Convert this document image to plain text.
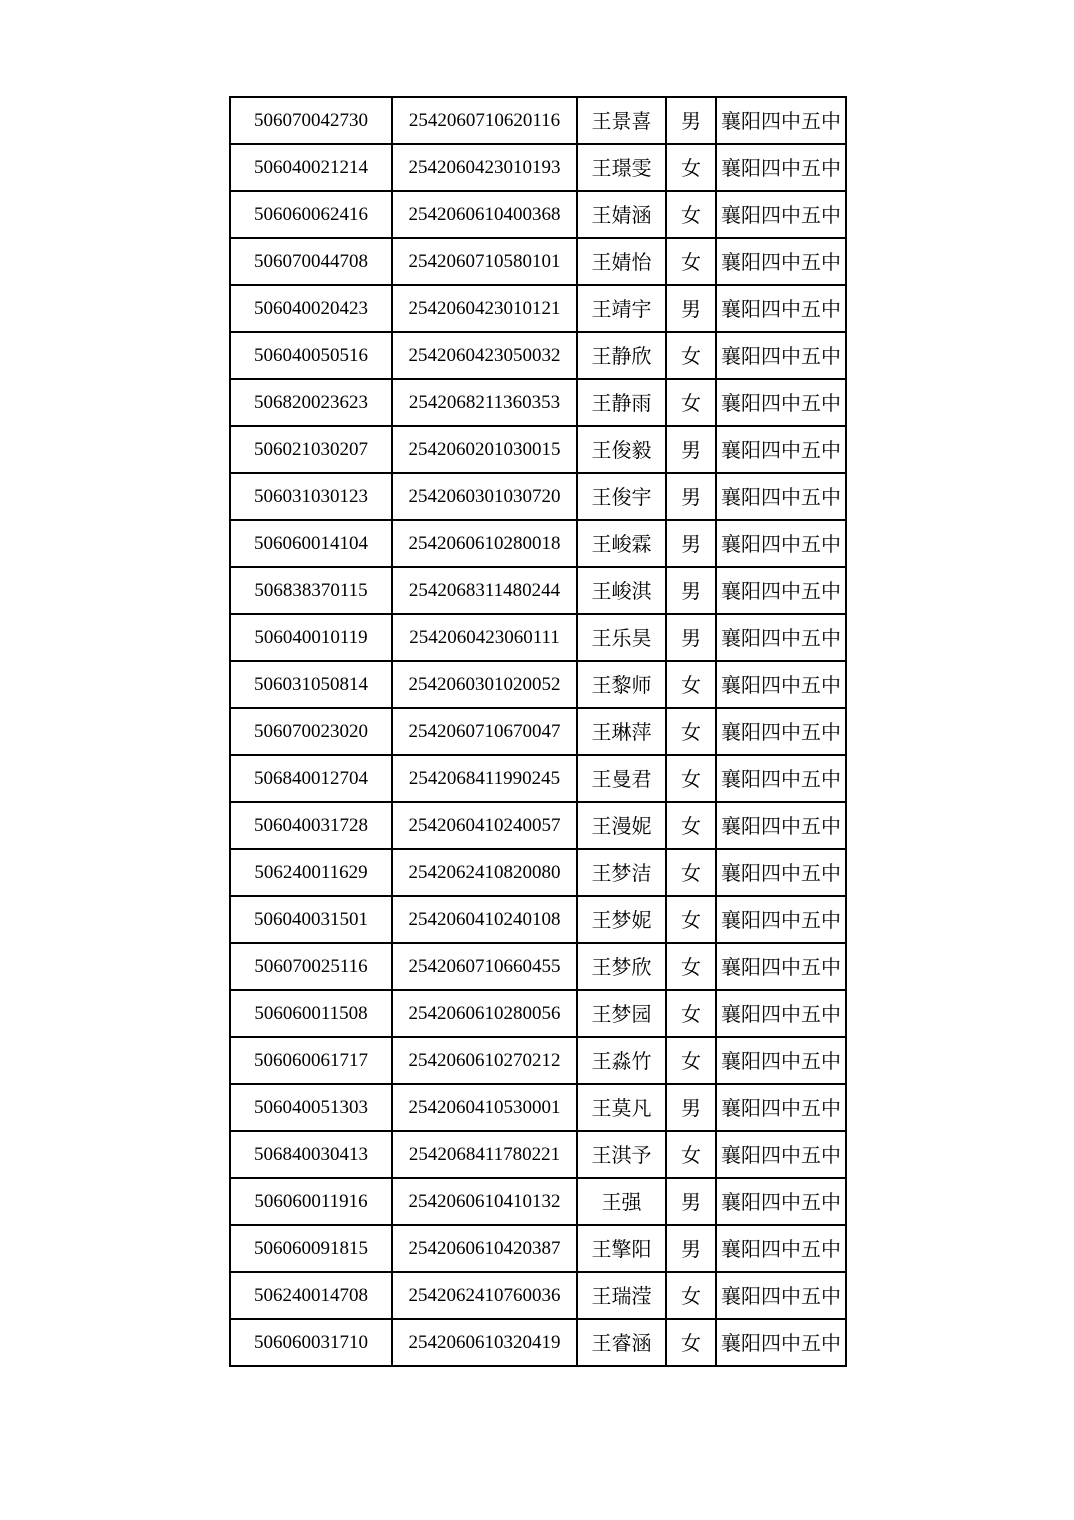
506070042730	2542060710620116	王景喜	男	襄阳四中五中
506040021214	2542060423010193	王璟雯	女	襄阳四中五中
506060062416	2542060610400368	王婧涵	女	襄阳四中五中
506070044708	2542060710580101	王婧怡	女	襄阳四中五中
506040020423	2542060423010121	王靖宇	男	襄阳四中五中
506040050516	2542060423050032	王静欣	女	襄阳四中五中
506820023623	2542068211360353	王静雨	女	襄阳四中五中
506021030207	2542060201030015	王俊毅	男	襄阳四中五中
506031030123	2542060301030720	王俊宇	男	襄阳四中五中
506060014104	2542060610280018	王峻霖	男	襄阳四中五中
506838370115	2542068311480244	王峻淇	男	襄阳四中五中
506040010119	2542060423060111	王乐昊	男	襄阳四中五中
506031050814	2542060301020052	王黎师	女	襄阳四中五中
506070023020	2542060710670047	王琳萍	女	襄阳四中五中
506840012704	2542068411990245	王曼君	女	襄阳四中五中
506040031728	2542060410240057	王漫妮	女	襄阳四中五中
506240011629	2542062410820080	王梦洁	女	襄阳四中五中
506040031501	2542060410240108	王梦妮	女	襄阳四中五中
506070025116	2542060710660455	王梦欣	女	襄阳四中五中
506060011508	2542060610280056	王梦园	女	襄阳四中五中
506060061717	2542060610270212	王淼竹	女	襄阳四中五中
506040051303	2542060410530001	王莫凡	男	襄阳四中五中
506840030413	2542068411780221	王淇予	女	襄阳四中五中
506060011916	2542060610410132	王强	男	襄阳四中五中
506060091815	2542060610420387	王擎阳	男	襄阳四中五中
506240014708	2542062410760036	王瑞滢	女	襄阳四中五中
506060031710	2542060610320419	王睿涵	女	襄阳四中五中
